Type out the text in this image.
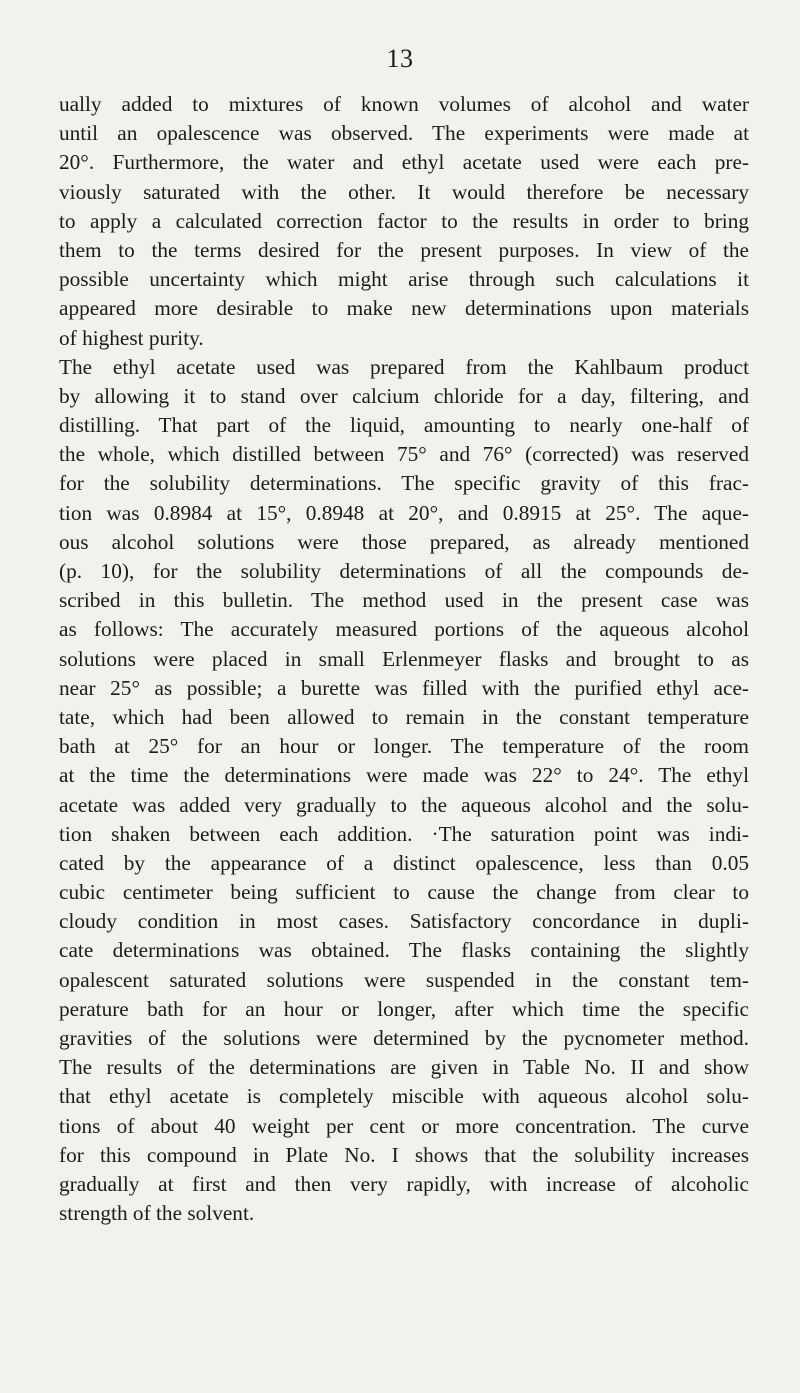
13
ually added to mixtures of known volumes of alcohol and water
until an opalescence was observed. The experiments were made at
20°. Furthermore, the water and ethyl acetate used were each pre-
viously saturated with the other. It would therefore be necessary
to apply a calculated correction factor to the results in order to bring
them to the terms desired for the present purposes. In view of the
possible uncertainty which might arise through such calculations it
appeared more desirable to make new determinations upon materials
of highest purity.
The ethyl acetate used was prepared from the Kahlbaum product
by allowing it to stand over calcium chloride for a day, filtering, and
distilling. That part of the liquid, amounting to nearly one-half of
the whole, which distilled between 75° and 76° (corrected) was reserved
for the solubility determinations. The specific gravity of this frac-
tion was 0.8984 at 15°, 0.8948 at 20°, and 0.8915 at 25°. The aque-
ous alcohol solutions were those prepared, as already mentioned
(p. 10), for the solubility determinations of all the compounds de-
scribed in this bulletin. The method used in the present case was
as follows: The accurately measured portions of the aqueous alcohol
solutions were placed in small Erlenmeyer flasks and brought to as
near 25° as possible; a burette was filled with the purified ethyl ace-
tate, which had been allowed to remain in the constant temperature
bath at 25° for an hour or longer. The temperature of the room
at the time the determinations were made was 22° to 24°. The ethyl
acetate was added very gradually to the aqueous alcohol and the solu-
tion shaken between each addition. ·The saturation point was indi-
cated by the appearance of a distinct opalescence, less than 0.05
cubic centimeter being sufficient to cause the change from clear to
cloudy condition in most cases. Satisfactory concordance in dupli-
cate determinations was obtained. The flasks containing the slightly
opalescent saturated solutions were suspended in the constant tem-
perature bath for an hour or longer, after which time the specific
gravities of the solutions were determined by the pycnometer method.
The results of the determinations are given in Table No. II and show
that ethyl acetate is completely miscible with aqueous alcohol solu-
tions of about 40 weight per cent or more concentration. The curve
for this compound in Plate No. I shows that the solubility increases
gradually at first and then very rapidly, with increase of alcoholic
strength of the solvent.
